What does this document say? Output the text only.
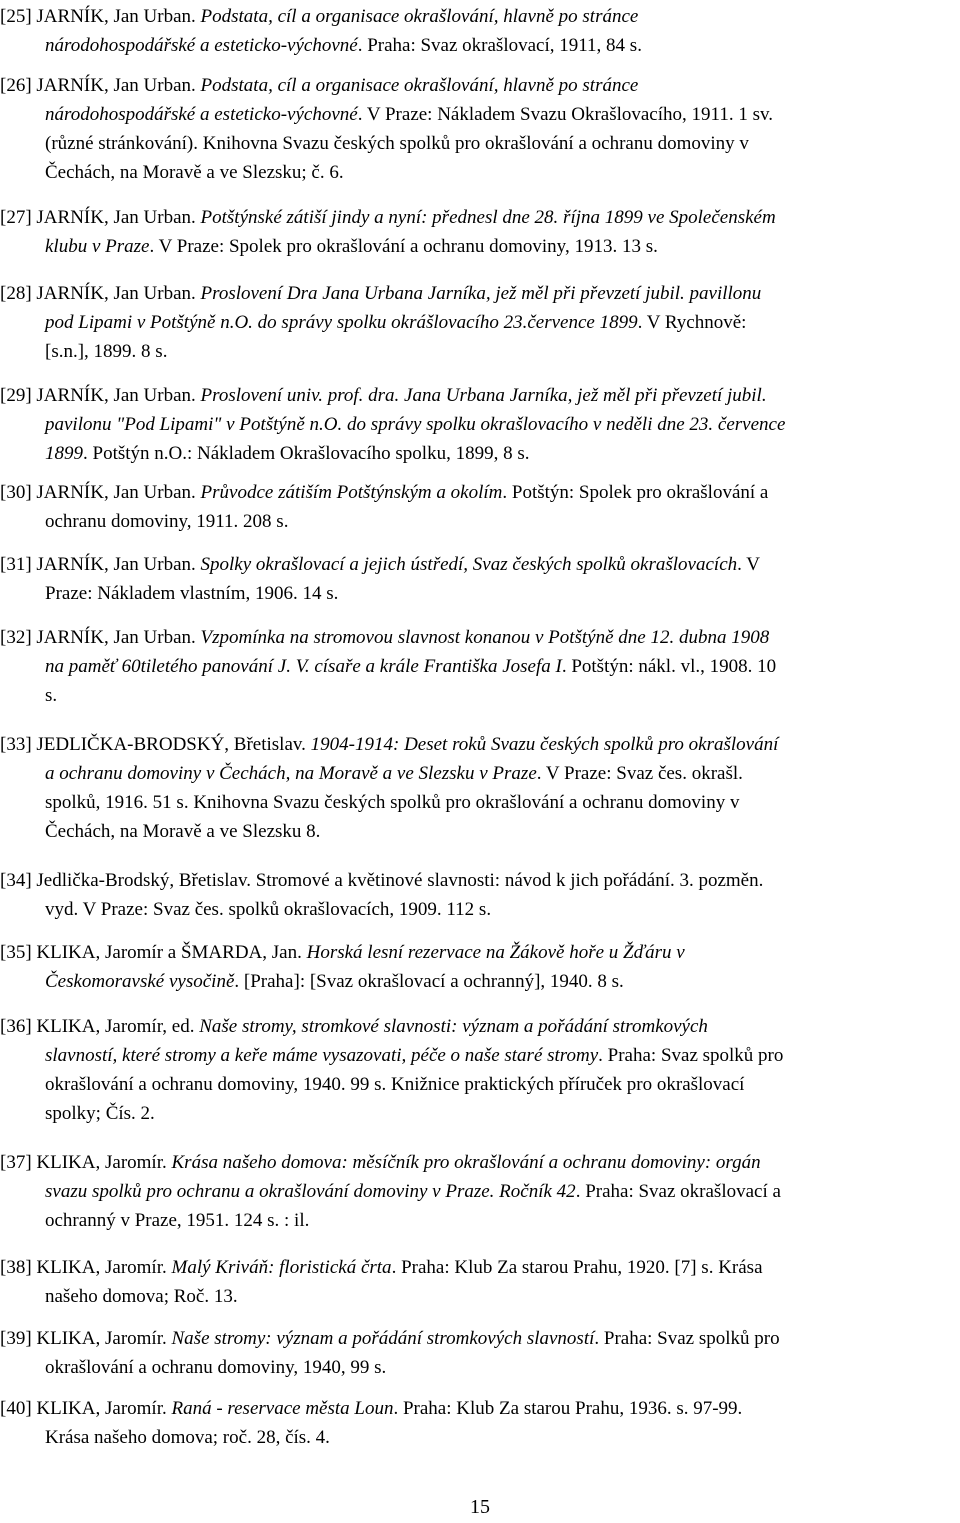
[25] JARNÍK, Jan Urban. Podstata, cíl a organisace okrašlování, hlavně po stránce
národohospodářské a esteticko-výchovné. Praha: Svaz okrašlovací, 1911, 84 s.
[26] JARNÍK, Jan Urban. Podstata, cíl a organisace okrašlování, hlavně po stránce
národohospodářské a esteticko-výchovné. V Praze: Nákladem Svazu Okrašlovacího, 1911. 1 sv.
(různé stránkování). Knihovna Svazu českých spolků pro okrašlování a ochranu domoviny v
Čechách, na Moravě a ve Slezsku; č. 6.
[27] JARNÍK, Jan Urban. Potštýnské zátiší jindy a nyní: přednesl dne 28. října 1899 ve Společenském
klubu v Praze. V Praze: Spolek pro okrašlování a ochranu domoviny, 1913. 13 s.
[28] JARNÍK, Jan Urban. Proslovení Dra Jana Urbana Jarníka, jež měl při převzetí jubil. pavillonu
pod Lipami v Potštýně n.O. do správy spolku okrášlovacího 23.července 1899. V Rychnově:
[s.n.], 1899. 8 s.
[29] JARNÍK, Jan Urban. Proslovení univ. prof. dra. Jana Urbana Jarníka, jež měl při převzetí jubil.
pavilonu "Pod Lipami" v Potštýně n.O. do správy spolku okrašlovacího v neděli dne 23. července
1899. Potštýn n.O.: Nákladem Okrašlovacího spolku, 1899, 8 s.
[30] JARNÍK, Jan Urban. Průvodce zátiším Potštýnským a okolím. Potštýn: Spolek pro okrašlování a
ochranu domoviny, 1911. 208 s.
[31] JARNÍK, Jan Urban. Spolky okrašlovací a jejich ústředí, Svaz českých spolků okrašlovacích. V
Praze: Nákladem vlastním, 1906. 14 s.
[32] JARNÍK, Jan Urban. Vzpomínka na stromovou slavnost konanou v Potštýně dne 12. dubna 1908
na paměť 60tiletého panování J. V. císaře a krále Františka Josefa I. Potštýn: nákl. vl., 1908. 10
s.
[33] JEDLIČKA-BRODSKÝ, Břetislav. 1904-1914: Deset roků Svazu českých spolků pro okrašlování
a ochranu domoviny v Čechách, na Moravě a ve Slezsku v Praze. V Praze: Svaz čes. okrašl.
spolků, 1916. 51 s. Knihovna Svazu českých spolků pro okrašlování a ochranu domoviny v
Čechách, na Moravě a ve Slezsku 8.
[34] Jedlička-Brodský, Břetislav. Stromové a květinové slavnosti: návod k jich pořádání. 3. pozměn.
vyd. V Praze: Svaz čes. spolků okrašlovacích, 1909. 112 s.
[35] KLIKA, Jaromír a ŠMARDA, Jan. Horská lesní rezervace na Žákově hoře u Žďáru v
Českomoravské vysočině. [Praha]: [Svaz okrašlovací a ochranný], 1940. 8 s.
[36] KLIKA, Jaromír, ed. Naše stromy, stromkové slavnosti: význam a pořádání stromkových
slavností, které stromy a keře máme vysazovati, péče o naše staré stromy. Praha: Svaz spolků pro
okrašlování a ochranu domoviny, 1940. 99 s. Knižnice praktických příruček pro okrašlovací
spolky; Čís. 2.
[37] KLIKA, Jaromír. Krása našeho domova: měsíčník pro okrašlování a ochranu domoviny: orgán
svazu spolků pro ochranu a okrašlování domoviny v Praze. Ročník 42. Praha: Svaz okrašlovací a
ochranný v Praze, 1951. 124 s. : il.
[38] KLIKA, Jaromír. Malý Kriváň: floristická črta. Praha: Klub Za starou Prahu, 1920. [7] s. Krása
našeho domova; Roč. 13.
[39] KLIKA, Jaromír. Naše stromy: význam a pořádání stromkových slavností. Praha: Svaz spolků pro
okrašlování a ochranu domoviny, 1940, 99 s.
[40] KLIKA, Jaromír. Raná - reservace města Loun. Praha: Klub Za starou Prahu, 1936. s. 97-99.
Krása našeho domova; roč. 28, čís. 4.
15
